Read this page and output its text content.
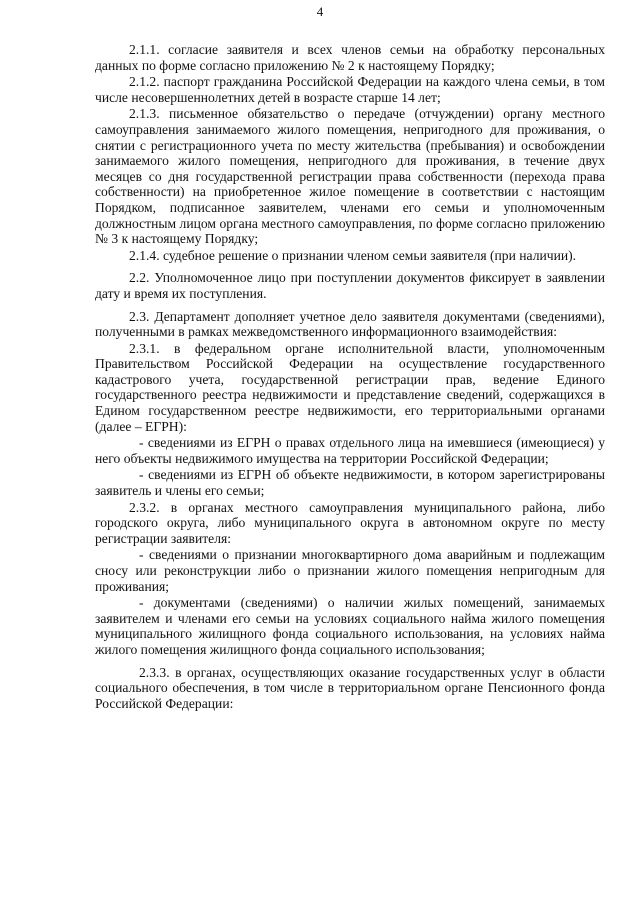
4

2.1.1. согласие заявителя и всех членов семьи на обработку персональных данных по форме согласно приложению № 2 к настоящему Порядку;

2.1.2. паспорт гражданина Российской Федерации на каждого члена семьи, в том числе несовершеннолетних детей в возрасте старше 14 лет;

2.1.3. письменное обязательство о передаче (отчуждении) органу местного самоуправления занимаемого жилого помещения, непригодного для проживания, о снятии с регистрационного учета по месту жительства (пребывания) и освобождении занимаемого жилого помещения, непригодного для проживания, в течение двух месяцев со дня государственной регистрации права собственности (перехода права собственности) на приобретенное жилое помещение в соответствии с настоящим Порядком, подписанное заявителем, членами его семьи и уполномоченным должностным лицом органа местного самоуправления, по форме согласно приложению № 3 к настоящему Порядку;

2.1.4. судебное решение о признании членом семьи заявителя (при наличии).

2.2. Уполномоченное лицо при поступлении документов фиксирует в заявлении дату и время их поступления.

2.3. Департамент дополняет учетное дело заявителя документами (сведениями), полученными в рамках межведомственного информационного взаимодействия:

2.3.1. в федеральном органе исполнительной власти, уполномоченным Правительством Российской Федерации на осуществление государственного кадастрового учета, государственной регистрации прав, ведение Единого государственного реестра недвижимости и представление сведений, содержащихся в Едином государственном реестре недвижимости, его территориальными органами (далее – ЕГРН):

- сведениями из ЕГРН о правах отдельного лица на имевшиеся (имеющиеся) у него объекты недвижимого имущества на территории Российской Федерации;

- сведениями из ЕГРН об объекте недвижимости, в котором зарегистрированы заявитель и члены его семьи;

2.3.2. в органах местного самоуправления муниципального района, либо городского округа, либо муниципального округа в автономном округе по месту регистрации заявителя:

- сведениями о признании многоквартирного дома аварийным и подлежащим сносу или реконструкции либо о признании жилого помещения непригодным для проживания;

- документами (сведениями) о наличии жилых помещений, занимаемых заявителем и членами его семьи на условиях социального найма жилого помещения муниципального жилищного фонда социального использования, на условиях найма жилого помещения жилищного фонда социального использования;

2.3.3. в органах, осуществляющих оказание государственных услуг в области социального обеспечения, в том числе в территориальном органе Пенсионного фонда Российской Федерации:
